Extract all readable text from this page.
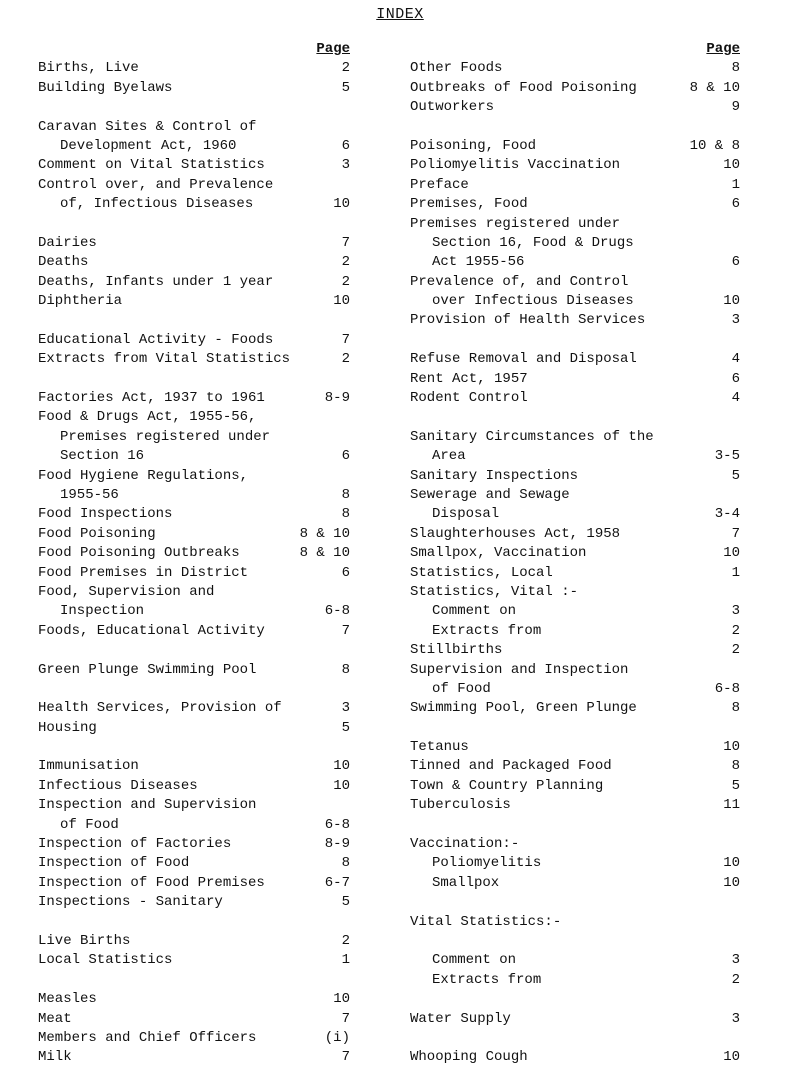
INDEX
Page
Births, Live	2
Building Byelaws	5
Caravan Sites & Control of
Development Act, 1960	6
Comment on Vital Statistics	3
Control over, and Prevalence
of, Infectious Diseases	10
Dairies	7
Deaths	2
Deaths, Infants under 1 year	2
Diphtheria	10
Educational Activity - Foods	7
Extracts from Vital Statistics	2
Factories Act, 1937 to 1961	8-9
Food & Drugs Act, 1955-56,
Premises registered under
Section 16	6
Food Hygiene Regulations,
1955-56	8
Food Inspections	8
Food Poisoning	8 & 10
Food Poisoning Outbreaks	8 & 10
Food Premises in District	6
Food, Supervision and
Inspection	6-8
Foods, Educational Activity	7
Green Plunge Swimming Pool	8
Health Services, Provision of	3
Housing	5
Immunisation	10
Infectious Diseases	10
Inspection and Supervision
of Food	6-8
Inspection of Factories	8-9
Inspection of Food	8
Inspection of Food Premises	6-7
Inspections - Sanitary	5
Live Births	2
Local Statistics	1
Measles	10
Meat	7
Members and Chief Officers	(i)
Milk	7
Page
Other Foods	8
Outbreaks of Food Poisoning	8 & 10
Outworkers	9
Poisoning, Food	10 & 8
Poliomyelitis Vaccination	10
Preface	1
Premises, Food	6
Premises registered under
Section 16, Food & Drugs
Act 1955-56	6
Prevalence of, and Control
over Infectious Diseases	10
Provision of Health Services	3
Refuse Removal and Disposal	4
Rent Act, 1957	6
Rodent Control	4
Sanitary Circumstances of the
Area	3-5
Sanitary Inspections	5
Sewerage and Sewage
Disposal	3-4
Slaughterhouses Act, 1958	7
Smallpox, Vaccination	10
Statistics, Local	1
Statistics, Vital :-
Comment on	3
Extracts from	2
Stillbirths	2
Supervision and Inspection
of Food	6-8
Swimming Pool, Green Plunge	8
Tetanus	10
Tinned and Packaged Food	8
Town & Country Planning	5
Tuberculosis	11
Vaccination:-
Poliomyelitis	10
Smallpox	10
Vital Statistics:-
Comment on	3
Extracts from	2
Water Supply	3
Whooping Cough	10
